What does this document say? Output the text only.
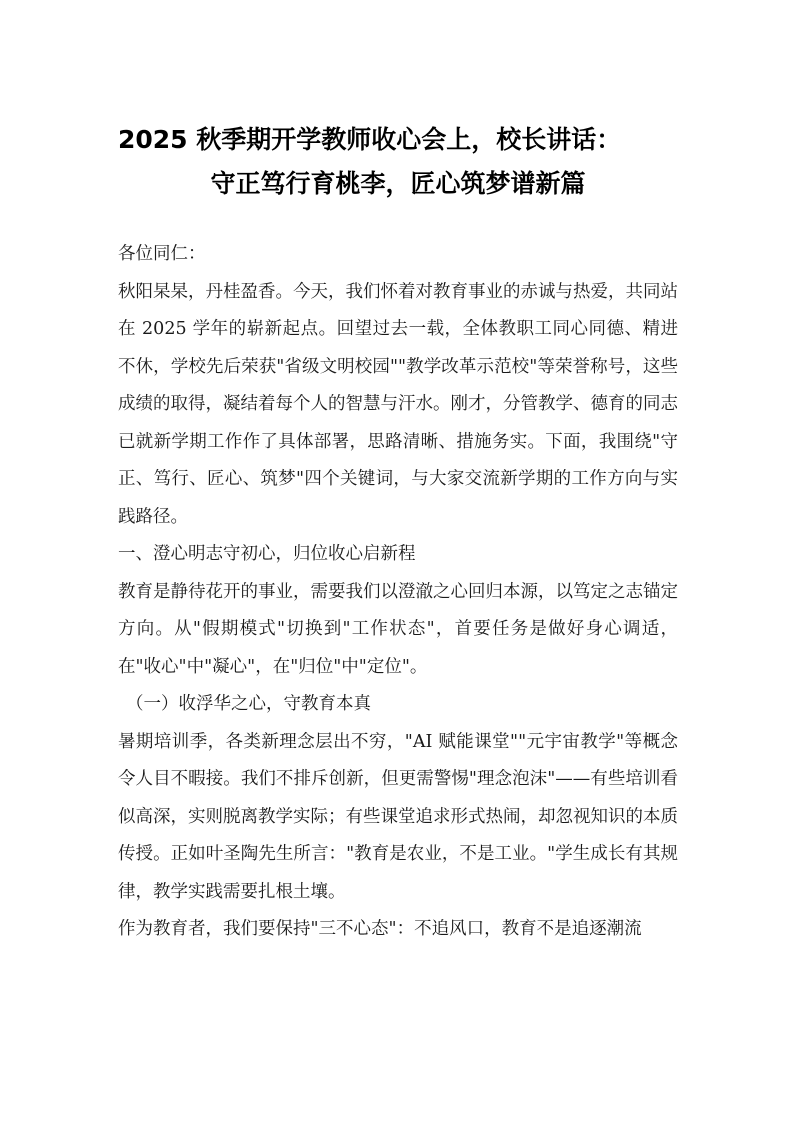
2025 秋季期开学教师收心会上，校长讲话：
守正笃行育桃李，匠心筑梦谱新篇

各位同仁：

秋阳杲杲，丹桂盈香。今天，我们怀着对教育事业的赤诚与热爱，共同站在 2025 学年的崭新起点。回望过去一载，全体教职工同心同德、精进不休，学校先后荣获"省级文明校园""教学改革示范校"等荣誉称号，这些成绩的取得，凝结着每个人的智慧与汗水。刚才，分管教学、德育的同志已就新学期工作作了具体部署，思路清晰、措施务实。下面，我围绕"守正、笃行、匠心、筑梦"四个关键词，与大家交流新学期的工作方向与实践路径。

一、澄心明志守初心，归位收心启新程

教育是静待花开的事业，需要我们以澄澈之心回归本源，以笃定之志锚定方向。从"假期模式"切换到"工作状态"，首要任务是做好身心调适，在"收心"中"凝心"，在"归位"中"定位"。

（一）收浮华之心，守教育本真

暑期培训季，各类新理念层出不穷，"AI 赋能课堂""元宇宙教学"等概念令人目不暇接。我们不排斥创新，但更需警惕"理念泡沫"——有些培训看似高深，实则脱离教学实际；有些课堂追求形式热闹，却忽视知识的本质传授。正如叶圣陶先生所言："教育是农业，不是工业。"学生成长有其规律，教学实践需要扎根土壤。

作为教育者，我们要保持"三不心态"：不追风口，教育不是追逐潮流
